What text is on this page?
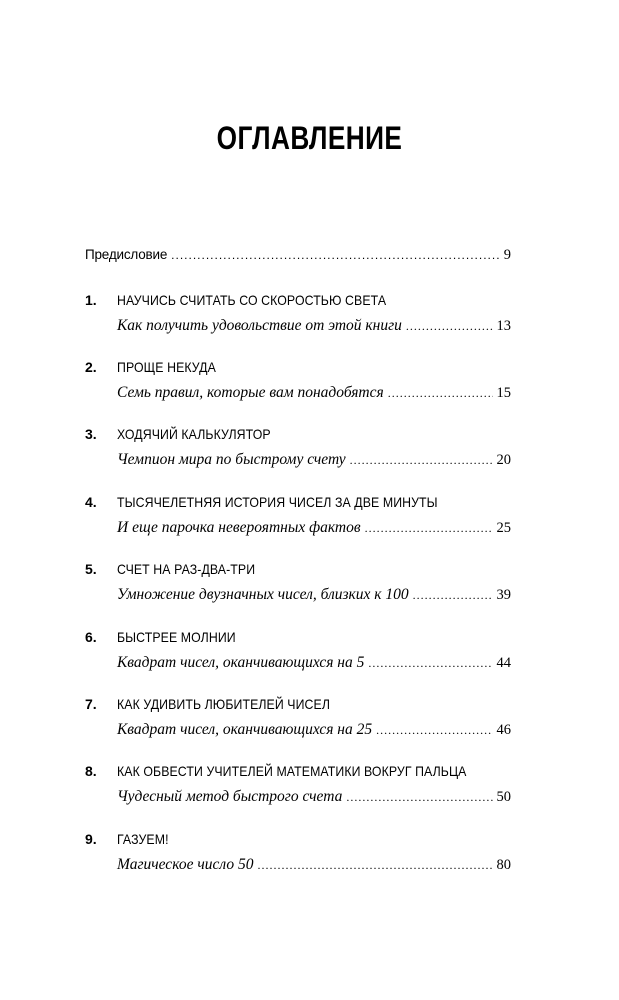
ОГЛАВЛЕНИЕ
Предисловие .....	9
1. НАУЧИСЬ СЧИТАТЬ СО СКОРОСТЬЮ СВЕТА
Как получить удовольствие от этой книги .....	13
2. ПРОЩЕ НЕКУДА
Семь правил, которые вам понадобятся .....	15
3. ХОДЯЧИЙ КАЛЬКУЛЯТОР
Чемпион мира по быстрому счету .....	20
4. ТЫСЯЧЕЛЕТНЯЯ ИСТОРИЯ ЧИСЕЛ ЗА ДВЕ МИНУТЫ
И еще парочка невероятных фактов .....	25
5. СЧЕТ НА РАЗ-ДВА-ТРИ
Умножение двузначных чисел, близких к 100 .....	39
6. БЫСТРЕЕ МОЛНИИ
Квадрат чисел, оканчивающихся на 5 .....	44
7. КАК УДИВИТЬ ЛЮБИТЕЛЕЙ ЧИСЕЛ
Квадрат чисел, оканчивающихся на 25 .....	46
8. КАК ОБВЕСТИ УЧИТЕЛЕЙ МАТЕМАТИКИ ВОКРУГ ПАЛЬЦА
Чудесный метод быстрого счета .....	50
9. ГАЗУЕМ!
Магическое число 50 .....	80
